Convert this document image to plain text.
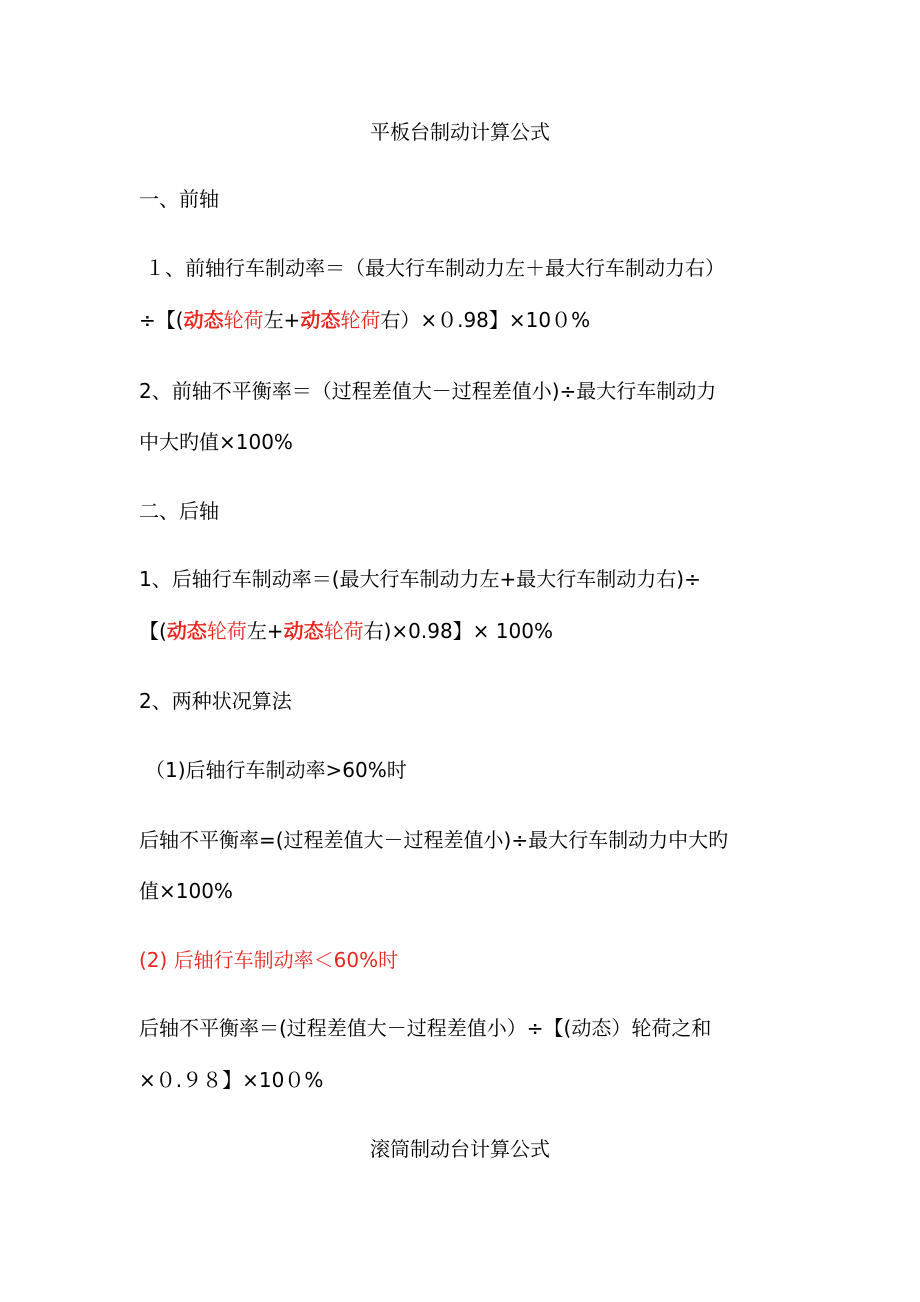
平板台制动计算公式
一、前轴
１、前轴行车制动率＝（最大行车制动力左＋最大行车制动力右）
÷【(动态轮荷左+动态轮荷右）×０.98】×10０%
2、前轴不平衡率＝（过程差值大－过程差值小)÷最大行车制动力
中大旳值×100%
二、后轴
1、后轴行车制动率＝(最大行车制动力左+最大行车制动力右)÷
【(动态轮荷左+动态轮荷右)×0.98】× 100%
2、两种状况算法
（1)后轴行车制动率>60%时
后轴不平衡率=(过程差值大－过程差值小)÷最大行车制动力中大旳
值×100%
(2) 后轴行车制动率＜60%时
后轴不平衡率＝(过程差值大－过程差值小）÷【(动态）轮荷之和
×０.９８】×10０%
滚筒制动台计算公式
